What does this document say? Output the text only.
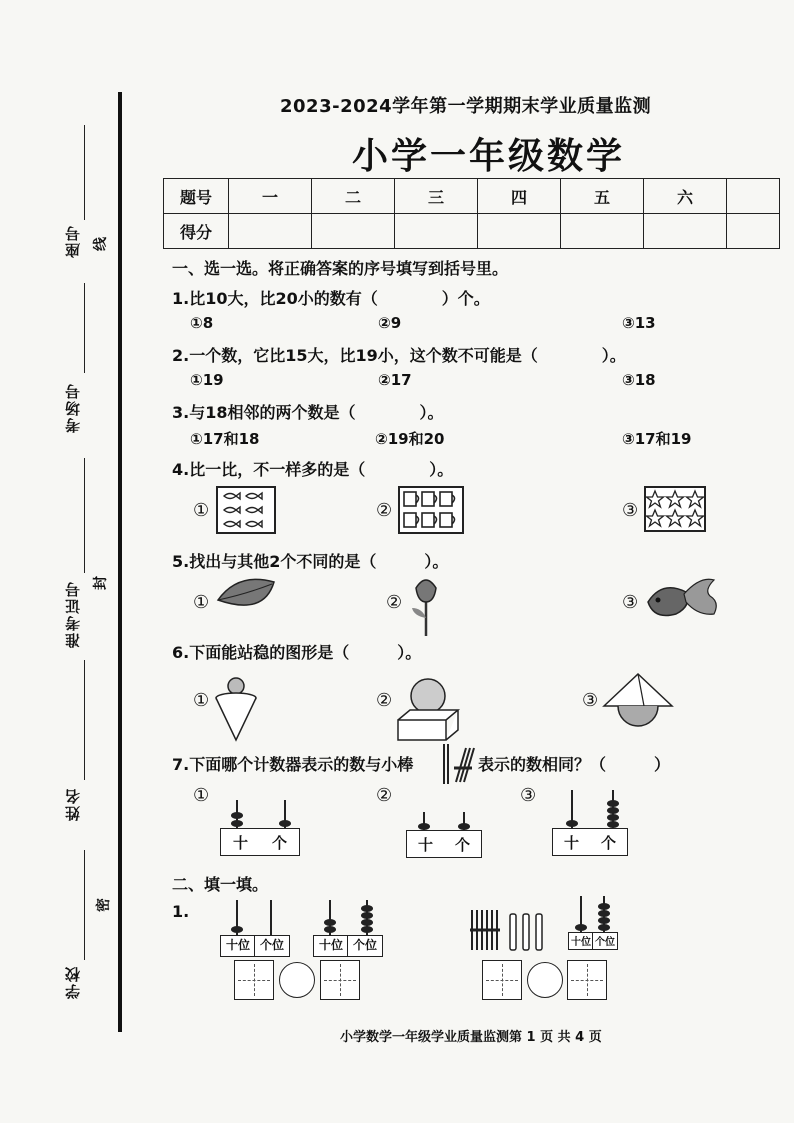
座号 线
考场号
准考证号 封
姓名
密
学校
2023-2024学年第一学期期末学业质量监测
小学一年级数学
题号	一	二	三	四	五	六	
得分							
一、选一选。将正确答案的序号填写到括号里。
1.比10大，比20小的数有（　　　　）个。
①8	②9	③13
2.一个数，它比15大，比19小，这个数不可能是（　　　　）。
①19	②17	③18
3.与18相邻的两个数是（　　　　）。
①17和18	②19和20	③17和19
4.比一比，不一样多的是（　　　　）。
①	②	③
5.找出与其他2个不同的是（　　　）。
①	②	③
6.下面能站稳的图形是（　　　）。
①	②	③
7.下面哪个计数器表示的数与小棒	表示的数相同？（　　　）
①
十 个
②
十 个
③
十 个
二、填一填。
1.
十位 个位	十位 个位	十位 个位
小学数学一年级学业质量监测第 1 页 共 4 页
